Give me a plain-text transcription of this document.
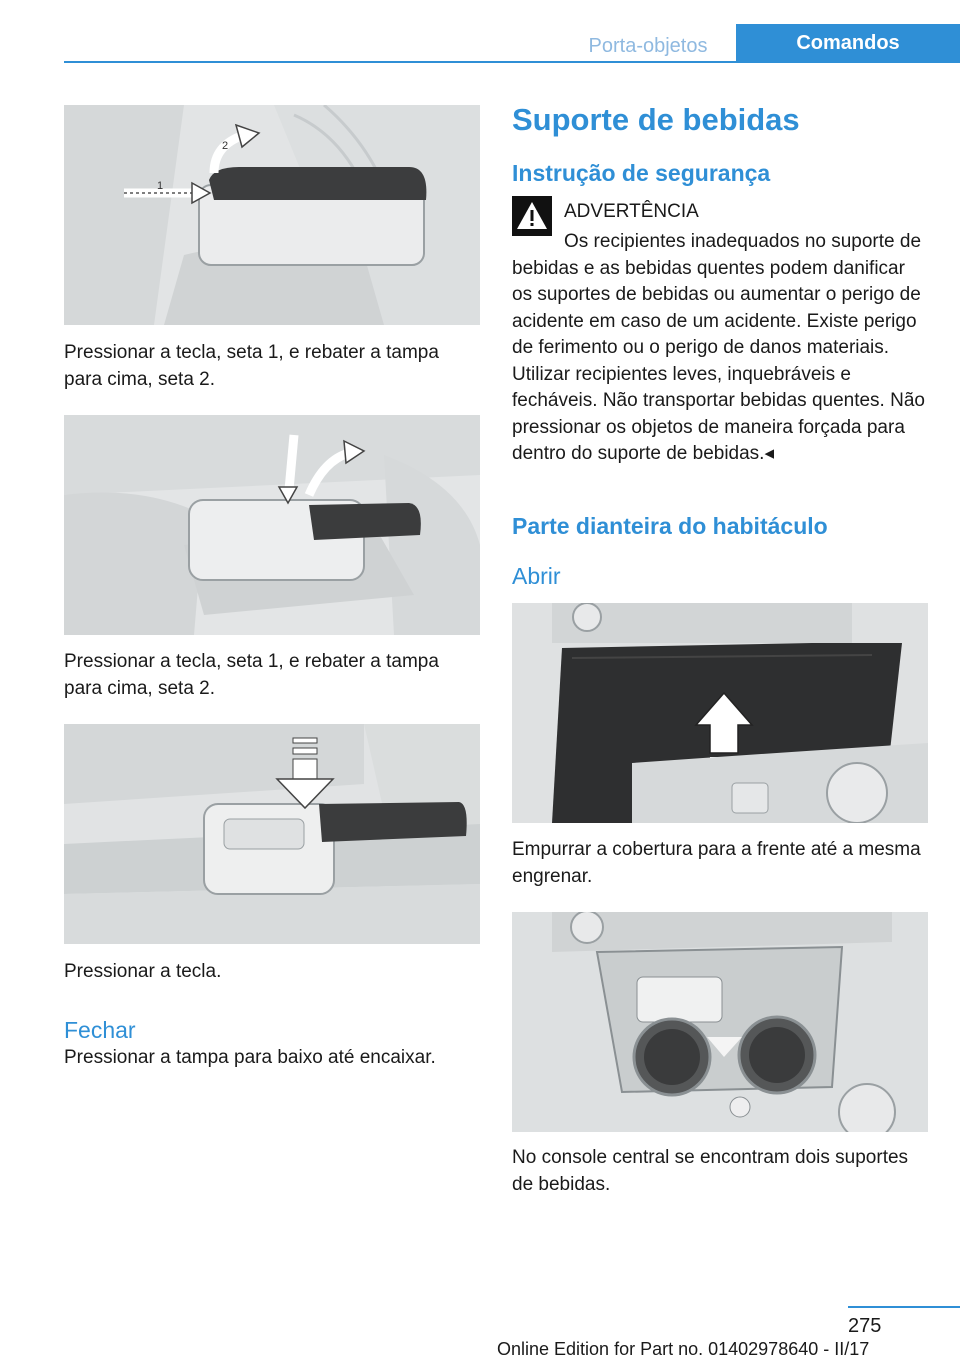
Porta-objetos	Comandos
1
2
Pressionar a tecla, seta 1, e rebater a tampa para cima, seta 2.
Pressionar a tecla, seta 1, e rebater a tampa para cima, seta 2.
Pressionar a tecla.
Fechar
Pressionar a tampa para baixo até encaixar.
Suporte de bebidas
Instrução de segurança
ADVERTÊNCIA
Os recipientes inadequados no suporte de bebidas e as bebidas quentes podem danificar os suportes de bebidas ou aumentar o perigo de acidente em caso de um acidente. Existe perigo de ferimento ou o perigo de danos materiais. Utilizar recipientes leves, inquebráveis e fecháveis. Não transportar bebidas quentes. Não pressionar os objetos de maneira forçada para dentro do suporte de bebidas.◂
Parte dianteira do habitáculo
Abrir
Empurrar a cobertura para a frente até a mesma engrenar.
No console central se encontram dois suportes de bebidas.
275
Online Edition for Part no. 01402978640 - II/17
